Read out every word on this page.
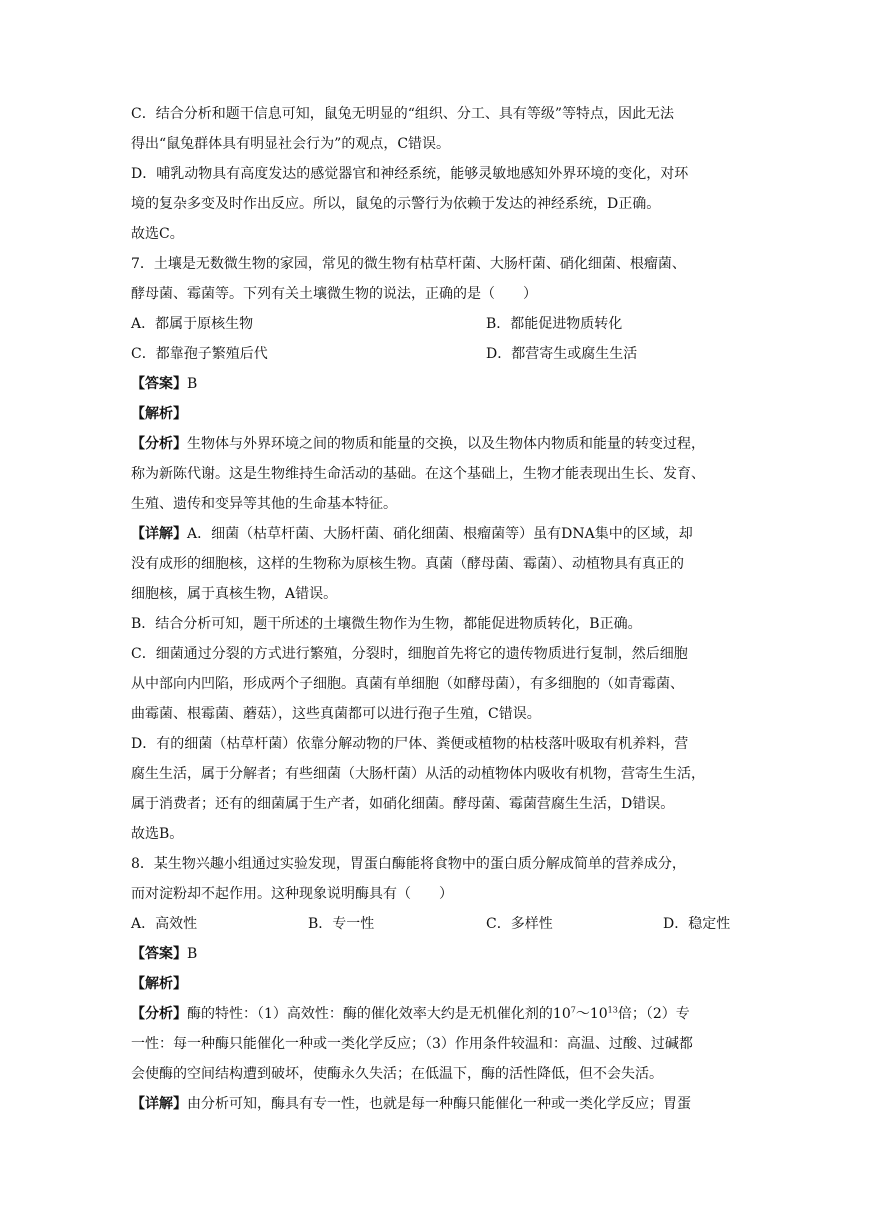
C．结合分析和题干信息可知，鼠兔无明显的“组织、分工、具有等级”等特点，因此无法
得出“鼠兔群体具有明显社会行为”的观点，C错误。
D．哺乳动物具有高度发达的感觉器官和神经系统，能够灵敏地感知外界环境的变化，对环
境的复杂多变及时作出反应。所以，鼠兔的示警行为依赖于发达的神经系统，D正确。
故选C。
7．土壤是无数微生物的家园，常见的微生物有枯草杆菌、大肠杆菌、硝化细菌、根瘤菌、
酵母菌、霉菌等。下列有关土壤微生物的说法，正确的是（　　）
A．都属于原核生物	B．都能促进物质转化
C．都靠孢子繁殖后代	D．都营寄生或腐生生活
【答案】B
【解析】
【分析】生物体与外界环境之间的物质和能量的交换，以及生物体内物质和能量的转变过程，
称为新陈代谢。这是生物维持生命活动的基础。在这个基础上，生物才能表现出生长、发育、
生殖、遗传和变异等其他的生命基本特征。
【详解】A．细菌（枯草杆菌、大肠杆菌、硝化细菌、根瘤菌等）虽有DNA集中的区域，却
没有成形的细胞核，这样的生物称为原核生物。真菌（酵母菌、霉菌）、动植物具有真正的
细胞核，属于真核生物，A错误。
B．结合分析可知，题干所述的土壤微生物作为生物，都能促进物质转化，B正确。
C．细菌通过分裂的方式进行繁殖，分裂时，细胞首先将它的遗传物质进行复制，然后细胞
从中部向内凹陷，形成两个子细胞。真菌有单细胞（如酵母菌），有多细胞的（如青霉菌、
曲霉菌、根霉菌、蘑菇），这些真菌都可以进行孢子生殖，C错误。
D．有的细菌（枯草杆菌）依靠分解动物的尸体、粪便或植物的枯枝落叶吸取有机养料，营
腐生生活，属于分解者；有些细菌（大肠杆菌）从活的动植物体内吸收有机物，营寄生生活，
属于消费者；还有的细菌属于生产者，如硝化细菌。酵母菌、霉菌营腐生生活，D错误。
故选B。
8．某生物兴趣小组通过实验发现，胃蛋白酶能将食物中的蛋白质分解成简单的营养成分，
而对淀粉却不起作用。这种现象说明酶具有（　　）
A．高效性	B．专一性	C．多样性	D．稳定性
【答案】B
【解析】
【分析】酶的特性：（1）高效性：酶的催化效率大约是无机催化剂的$10^7\sim 10^{13}$倍；（2）专
一性：每一种酶只能催化一种或一类化学反应；（3）作用条件较温和：高温、过酸、过碱都
会使酶的空间结构遭到破坏，使酶永久失活；在低温下，酶的活性降低，但不会失活。
【详解】由分析可知，酶具有专一性，也就是每一种酶只能催化一种或一类化学反应；胃蛋
